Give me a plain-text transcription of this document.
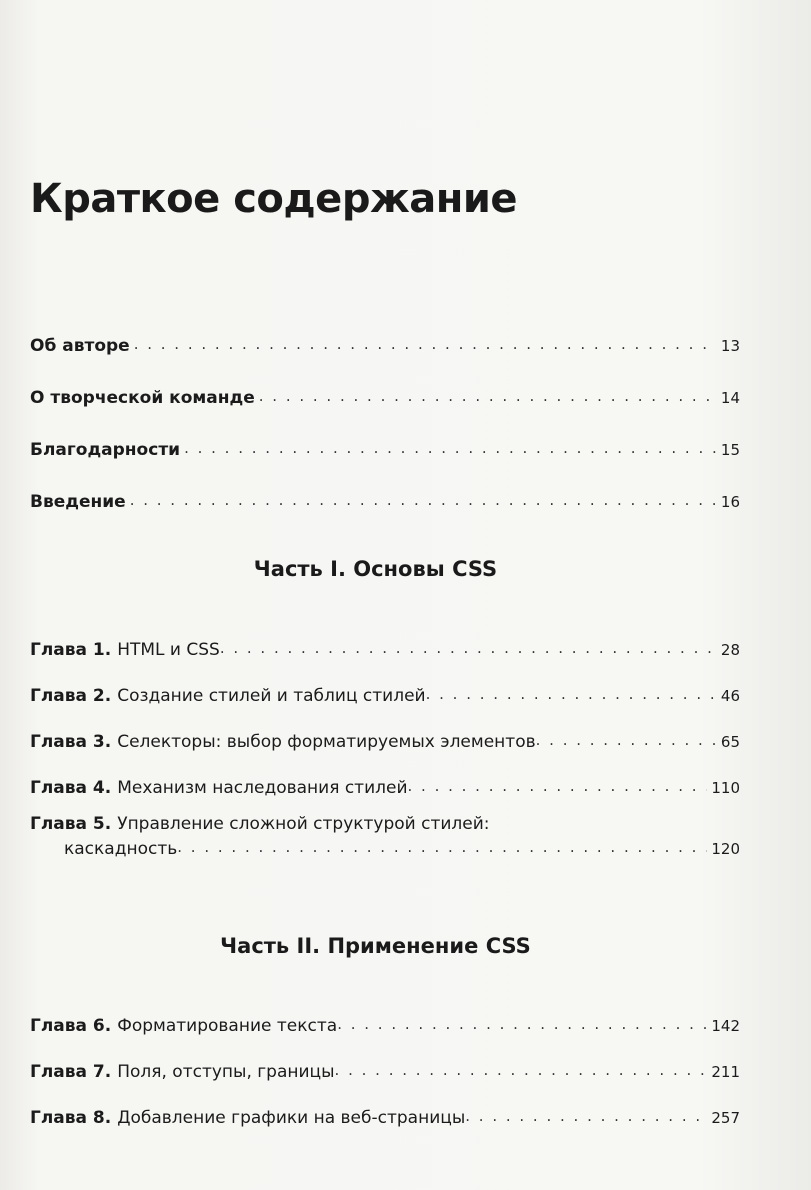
Краткое содержание
Об авторе . . .	13
О творческой команде . . .	14
Благодарности . . .	15
Введение . . .	16
Часть I. Основы CSS
Глава 1. HTML и CSS . . .	28
Глава 2. Создание стилей и таблиц стилей . . .	46
Глава 3. Селекторы: выбор форматируемых элементов . . .	65
Глава 4. Механизм наследования стилей . . .	110
Глава 5. Управление сложной структурой стилей:
каскадность . . .	120
Часть II. Применение CSS
Глава 6. Форматирование текста . . .	142
Глава 7. Поля, отступы, границы . . .	211
Глава 8. Добавление графики на веб-страницы . . .	257
